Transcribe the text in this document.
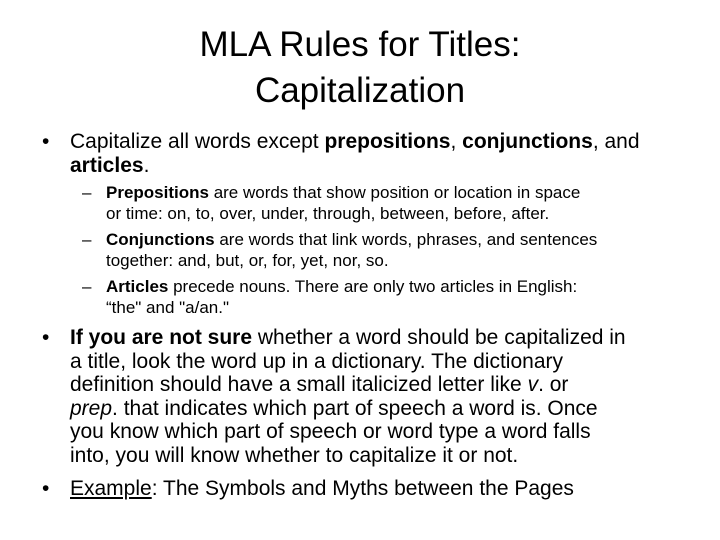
MLA Rules for Titles:
Capitalization
• Capitalize all words except prepositions, conjunctions, and
articles.
– Prepositions are words that show position or location in space
or time: on, to, over, under, through, between, before, after.
– Conjunctions are words that link words, phrases, and sentences
together: and, but, or, for, yet, nor, so.
– Articles precede nouns. There are only two articles in English:
“the" and "a/an."
• If you are not sure whether a word should be capitalized in
a title, look the word up in a dictionary. The dictionary
definition should have a small italicized letter like v. or
prep. that indicates which part of speech a word is. Once
you know which part of speech or word type a word falls
into, you will know whether to capitalize it or not.
• Example: The Symbols and Myths between the Pages
